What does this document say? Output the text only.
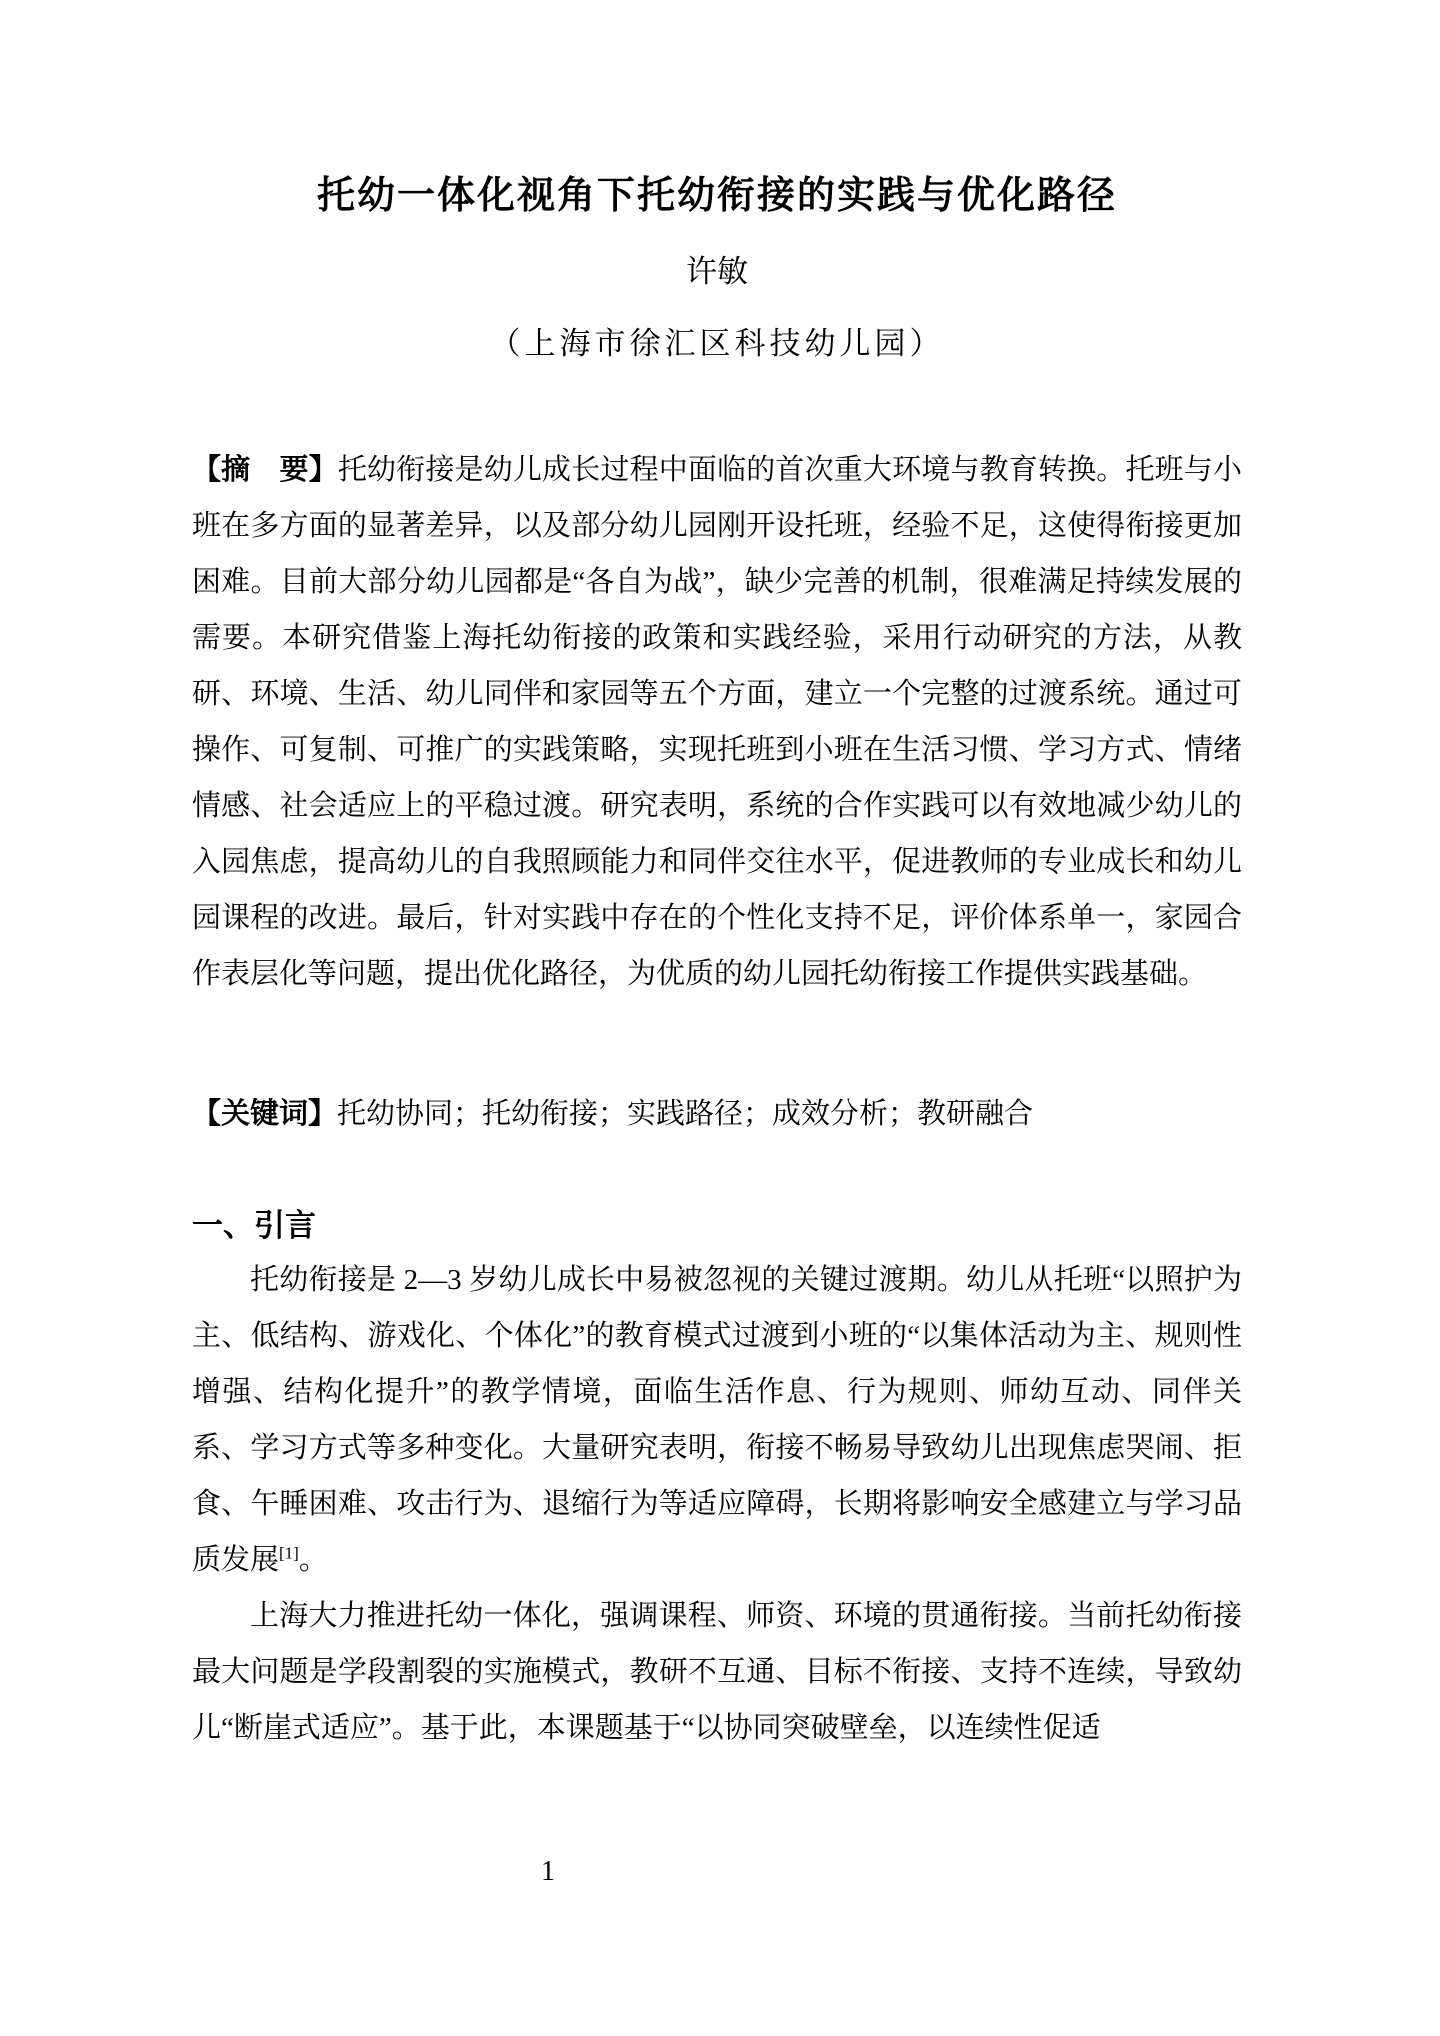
托幼一体化视角下托幼衔接的实践与优化路径
许敏
（上海市徐汇区科技幼儿园）

【摘　要】托幼衔接是幼儿成长过程中面临的首次重大环境与教育转换。托班与小班在多方面的显著差异，以及部分幼儿园刚开设托班，经验不足，这使得衔接更加困难。目前大部分幼儿园都是“各自为战”，缺少完善的机制，很难满足持续发展的需要。本研究借鉴上海托幼衔接的政策和实践经验，采用行动研究的方法，从教研、环境、生活、幼儿同伴和家园等五个方面，建立一个完整的过渡系统。通过可操作、可复制、可推广的实践策略，实现托班到小班在生活习惯、学习方式、情绪情感、社会适应上的平稳过渡。研究表明，系统的合作实践可以有效地减少幼儿的入园焦虑，提高幼儿的自我照顾能力和同伴交往水平，促进教师的专业成长和幼儿园课程的改进。最后，针对实践中存在的个性化支持不足，评价体系单一，家园合作表层化等问题，提出优化路径，为优质的幼儿园托幼衔接工作提供实践基础。

【关键词】托幼协同；托幼衔接；实践路径；成效分析；教研融合

一、引言

托幼衔接是 2—3 岁幼儿成长中易被忽视的关键过渡期。幼儿从托班“以照护为主、低结构、游戏化、个体化”的教育模式过渡到小班的“以集体活动为主、规则性增强、结构化提升”的教学情境，面临生活作息、行为规则、师幼互动、同伴关系、学习方式等多种变化。大量研究表明，衔接不畅易导致幼儿出现焦虑哭闹、拒食、午睡困难、攻击行为、退缩行为等适应障碍，长期将影响安全感建立与学习品质发展[1]。

上海大力推进托幼一体化，强调课程、师资、环境的贯通衔接。当前托幼衔接最大问题是学段割裂的实施模式，教研不互通、目标不衔接、支持不连续，导致幼儿“断崖式适应”。基于此，本课题基于“以协同突破壁垒，以连续性促适

1
